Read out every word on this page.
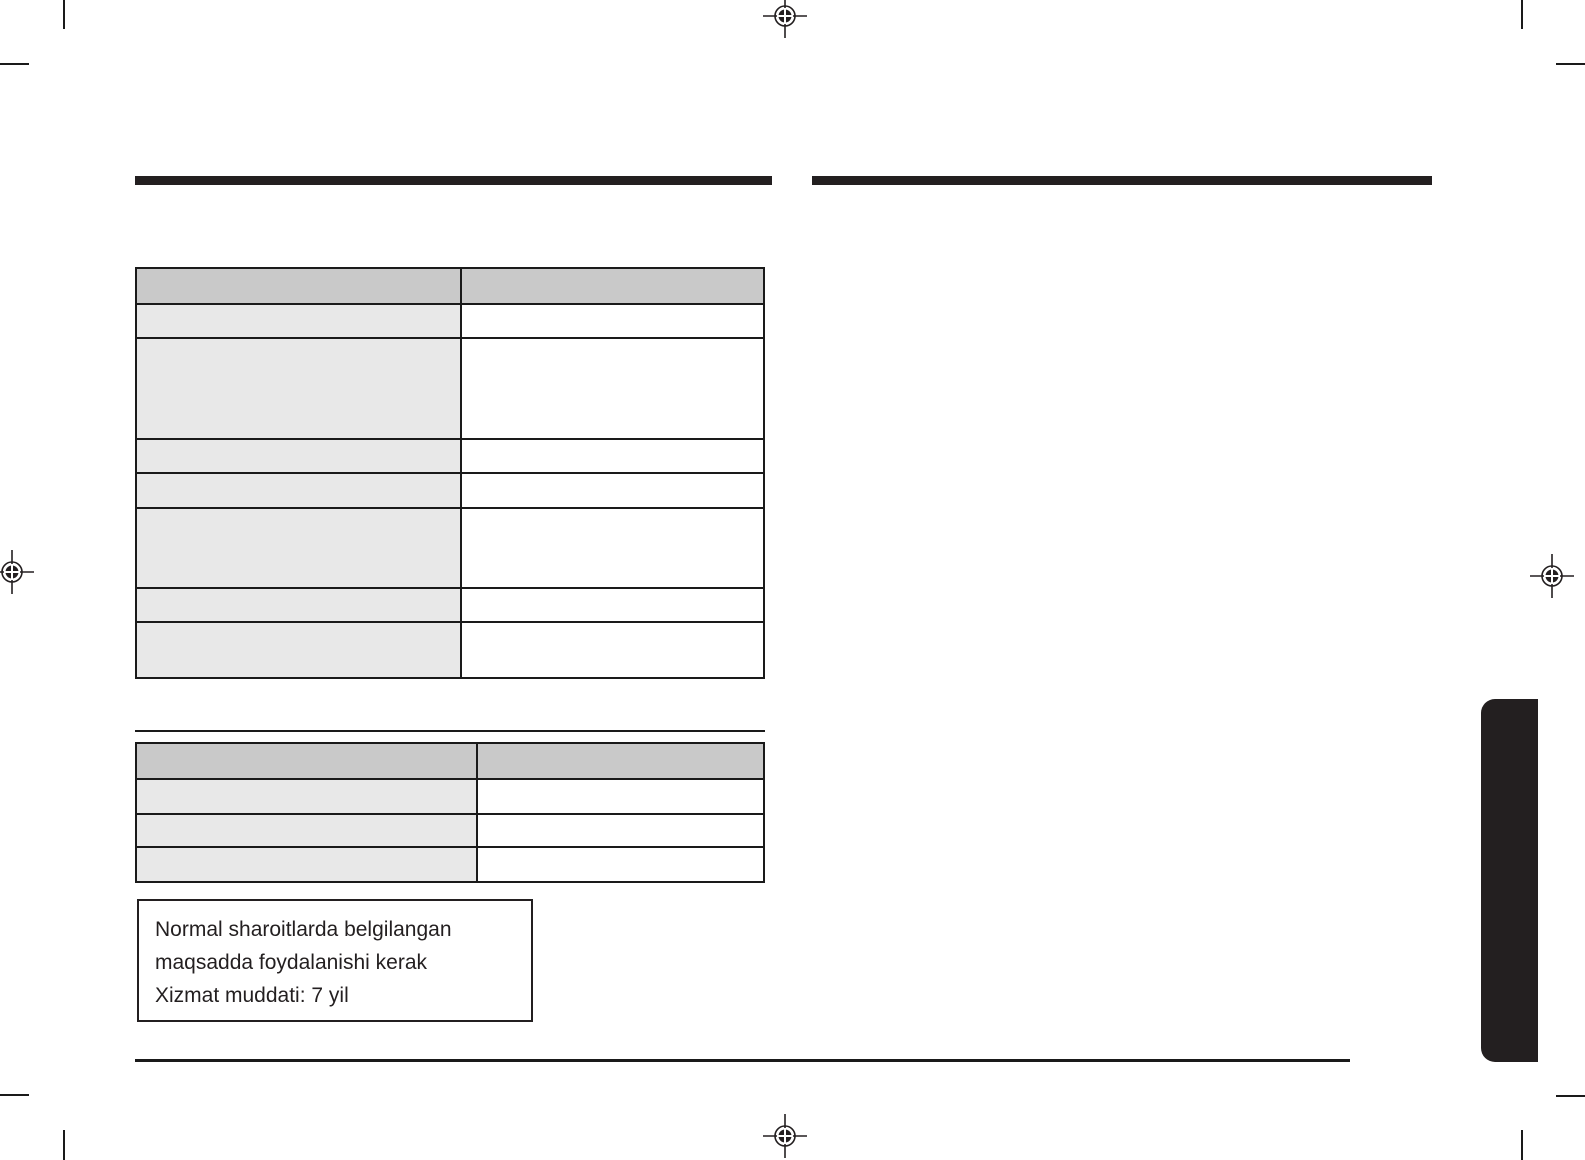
Normal sharoitlarda belgilangan
maqsadda foydalanishi kerak
Xizmat muddati: 7 yil
